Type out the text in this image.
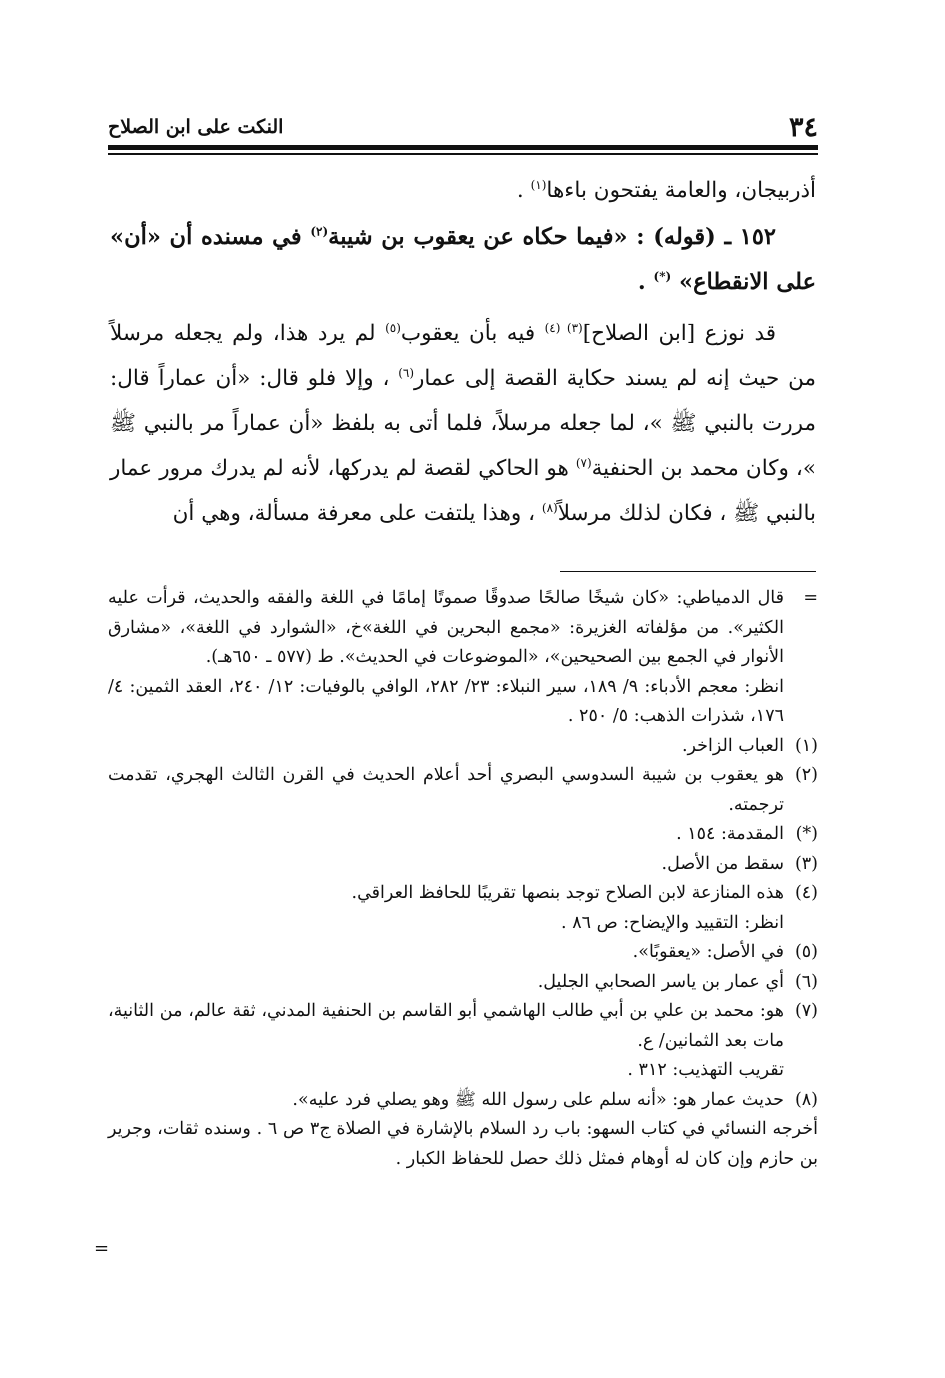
٣٤
النكت على ابن الصلاح

أذربيجان، والعامة يفتحون باءها$^{(١)}$ .

١٥٢ ـ (قوله) : «فيما حكاه عن يعقوب بن شيبة$^{(٢)}$ في مسنده أن «أن» على الانقطاع» (*) .

قد نوزع [ابن الصلاح]$^{(٣)}$ $^{(٤)}$ فيه بأن يعقوب$^{(٥)}$ لم يرد هذا، ولم يجعله مرسلاً من حيث إنه لم يسند حكاية القصة إلى عمار$^{(٦)}$ ، وإلا فلو قال: «أن عماراً قال: مررت بالنبي ﷺ »، لما جعله مرسلاً، فلما أتى به بلفظ «أن عماراً مر بالنبي ﷺ »، وكان محمد بن الحنفية$^{(٧)}$ هو الحاكي لقصة لم يدركها، لأنه لم يدرك مرور عمار بالنبي ﷺ ، فكان لذلك مرسلاً$^{(٨)}$ ، وهذا يلتفت على معرفة مسألة، وهي أن

=
قال الدمياطي: «كان شيخًا صالحًا صدوقًا صموتًا إمامًا في اللغة والفقه والحديث، قرأت عليه الكثير». من مؤلفاته الغزيرة: «مجمع البحرين في اللغة»خ، «الشوارد في اللغة»، «مشارق الأنوار في الجمع بين الصحيحين»، «الموضوعات في الحديث». ط (٥٧٧ ـ ٦٥٠هـ).
انظر: معجم الأدباء: ٩/ ١٨٩، سير النبلاء: ٢٣/ ٢٨٢، الوافي بالوفيات: ١٢/ ٢٤٠، العقد الثمين: ٤/ ١٧٦، شذرات الذهب: ٥/ ٢٥٠ .
(١)
العباب الزاخر.
(٢)
هو يعقوب بن شيبة السدوسي البصري أحد أعلام الحديث في القرن الثالث الهجري، تقدمت ترجمته.
(*)
المقدمة: ١٥٤ .
(٣)
سقط من الأصل.
(٤)
هذه المنازعة لابن الصلاح توجد بنصها تقريبًا للحافظ العراقي.
انظر: التقييد والإيضاح: ص ٨٦ .
(٥)
في الأصل: «يعقوبًا».
(٦)
أي عمار بن ياسر الصحابي الجليل.
(٧)
هو: محمد بن علي بن أبي طالب الهاشمي أبو القاسم بن الحنفية المدني، ثقة عالم، من الثانية، مات بعد الثمانين/ ع.
تقريب التهذيب: ٣١٢ .
(٨)
حديث عمار هو: «أنه سلم على رسول الله ﷺ وهو يصلي فرد عليه».
أخرجه النسائي في كتاب السهو: باب رد السلام بالإشارة في الصلاة ج٣ ص ٦ . وسنده ثقات، وجرير بن حازم وإن كان له أوهام فمثل ذلك حصل للحفاظ الكبار .
=
